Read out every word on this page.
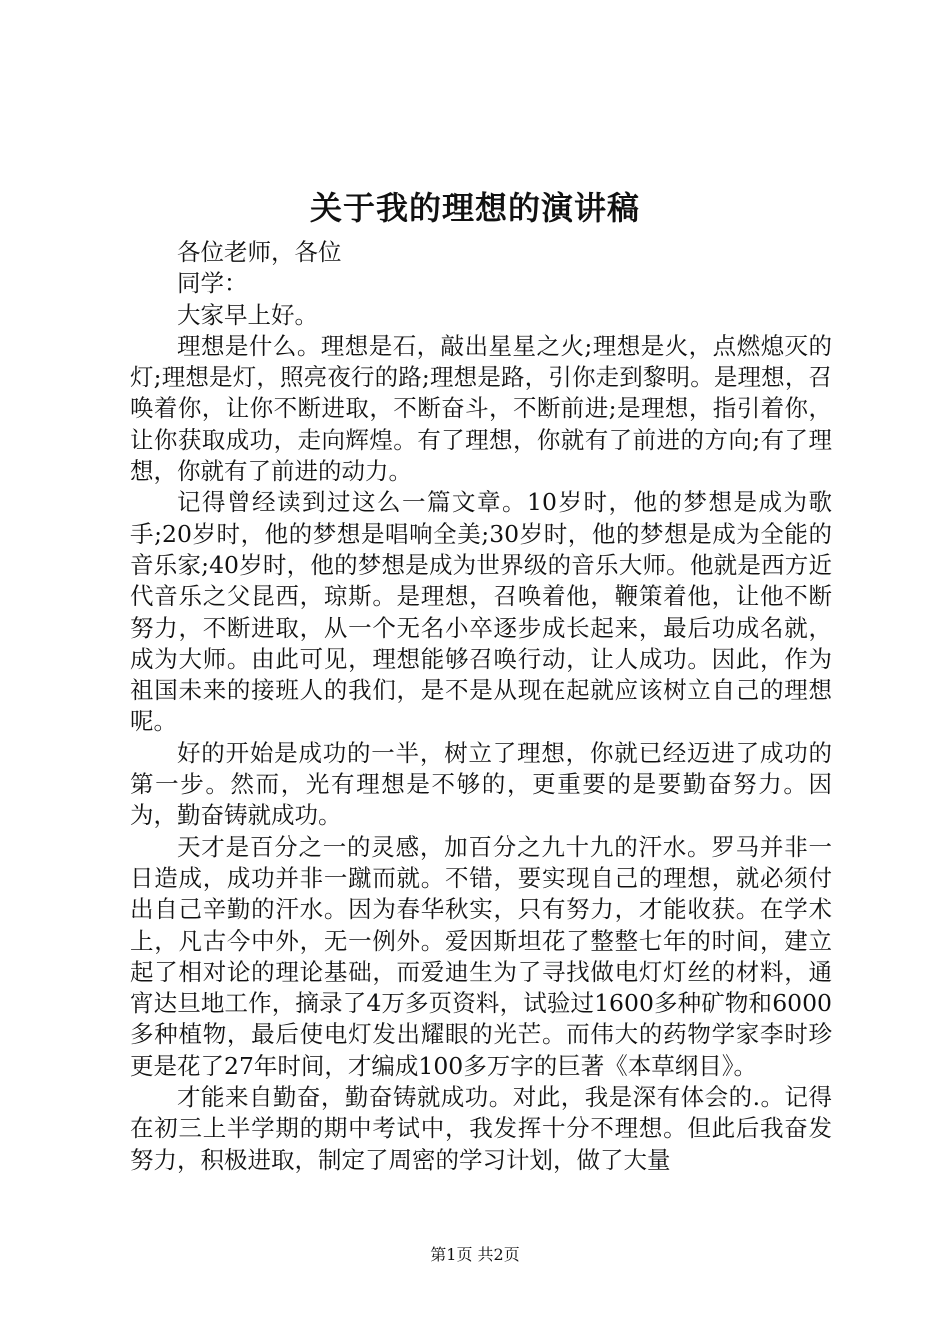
关于我的理想的演讲稿

各位老师，各位

同学：

大家早上好。

理想是什么。理想是石，敲出星星之火;理想是火，点燃熄灭的灯;理想是灯，照亮夜行的路;理想是路，引你走到黎明。是理想，召唤着你，让你不断进取，不断奋斗，不断前进;是理想，指引着你，让你获取成功，走向辉煌。有了理想，你就有了前进的方向;有了理想，你就有了前进的动力。

记得曾经读到过这么一篇文章。10岁时，他的梦想是成为歌手;20岁时，他的梦想是唱响全美;30岁时，他的梦想是成为全能的音乐家;40岁时，他的梦想是成为世界级的音乐大师。他就是西方近代音乐之父昆西，琼斯。是理想，召唤着他，鞭策着他，让他不断努力，不断进取，从一个无名小卒逐步成长起来，最后功成名就，成为大师。由此可见，理想能够召唤行动，让人成功。因此，作为祖国未来的接班人的我们，是不是从现在起就应该树立自己的理想呢。

好的开始是成功的一半，树立了理想，你就已经迈进了成功的第一步。然而，光有理想是不够的，更重要的是要勤奋努力。因为，勤奋铸就成功。

天才是百分之一的灵感，加百分之九十九的汗水。罗马并非一日造成，成功并非一蹴而就。不错，要实现自己的理想，就必须付出自己辛勤的汗水。因为春华秋实，只有努力，才能收获。在学术上，凡古今中外，无一例外。爱因斯坦花了整整七年的时间，建立起了相对论的理论基础，而爱迪生为了寻找做电灯灯丝的材料，通宵达旦地工作，摘录了4万多页资料，试验过1600多种矿物和6000多种植物，最后使电灯发出耀眼的光芒。而伟大的药物学家李时珍更是花了27年时间，才编成100多万字的巨著《本草纲目》。

才能来自勤奋，勤奋铸就成功。对此，我是深有体会的.。记得在初三上半学期的期中考试中，我发挥十分不理想。但此后我奋发努力，积极进取，制定了周密的学习计划，做了大量

第1页 共2页
